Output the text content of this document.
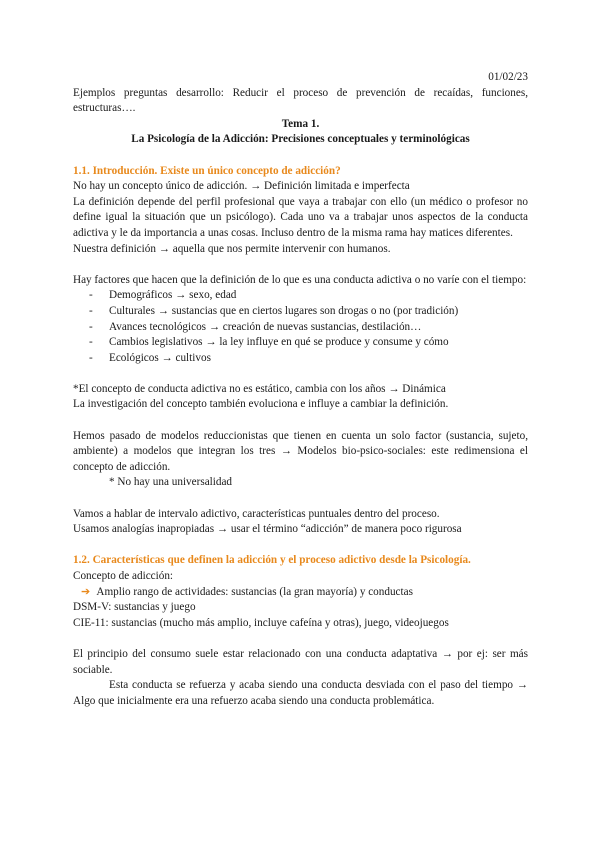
01/02/23

Ejemplos preguntas desarrollo: Reducir el proceso de prevención de recaídas, funciones, estructuras….

Tema 1.

La Psicología de la Adicción: Precisiones conceptuales y terminológicas

1.1. Introducción. Existe un único concepto de adicción?

No hay un concepto único de adicción. → Definición limitada e imperfecta

La definición depende del perfil profesional que vaya a trabajar con ello (un médico o profesor no define igual la situación que un psicólogo). Cada uno va a trabajar unos aspectos de la conducta adictiva y le da importancia a unas cosas. Incluso dentro de la misma rama hay matices diferentes.

Nuestra definición → aquella que nos permite intervenir con humanos.

Hay factores que hacen que la definición de lo que es una conducta adictiva o no varíe con el tiempo:

- Demográficos → sexo, edad
- Culturales → sustancias que en ciertos lugares son drogas o no (por tradición)
- Avances tecnológicos → creación de nuevas sustancias, destilación…
- Cambios legislativos → la ley influye en qué se produce y consume y cómo
- Ecológicos → cultivos

*El concepto de conducta adictiva no es estático, cambia con los años → Dinámica

La investigación del concepto también evoluciona e influye a cambiar la definición.

Hemos pasado de modelos reduccionistas que tienen en cuenta un solo factor (sustancia, sujeto, ambiente) a modelos que integran los tres → Modelos bio-psico-sociales: este redimensiona el concepto de adicción.

* No hay una universalidad

Vamos a hablar de intervalo adictivo, características puntuales dentro del proceso.

Usamos analogías inapropiadas → usar el término “adicción” de manera poco rigurosa

1.2. Características que definen la adicción y el proceso adictivo desde la Psicología.

Concepto de adicción:

➔ Amplio rango de actividades: sustancias (la gran mayoría) y conductas

DSM-V: sustancias y juego

CIE-11: sustancias (mucho más amplio, incluye cafeína y otras), juego, videojuegos

El principio del consumo suele estar relacionado con una conducta adaptativa → por ej: ser más sociable.

Esta conducta se refuerza y acaba siendo una conducta desviada con el paso del tiempo → Algo que inicialmente era una refuerzo acaba siendo una conducta problemática.
